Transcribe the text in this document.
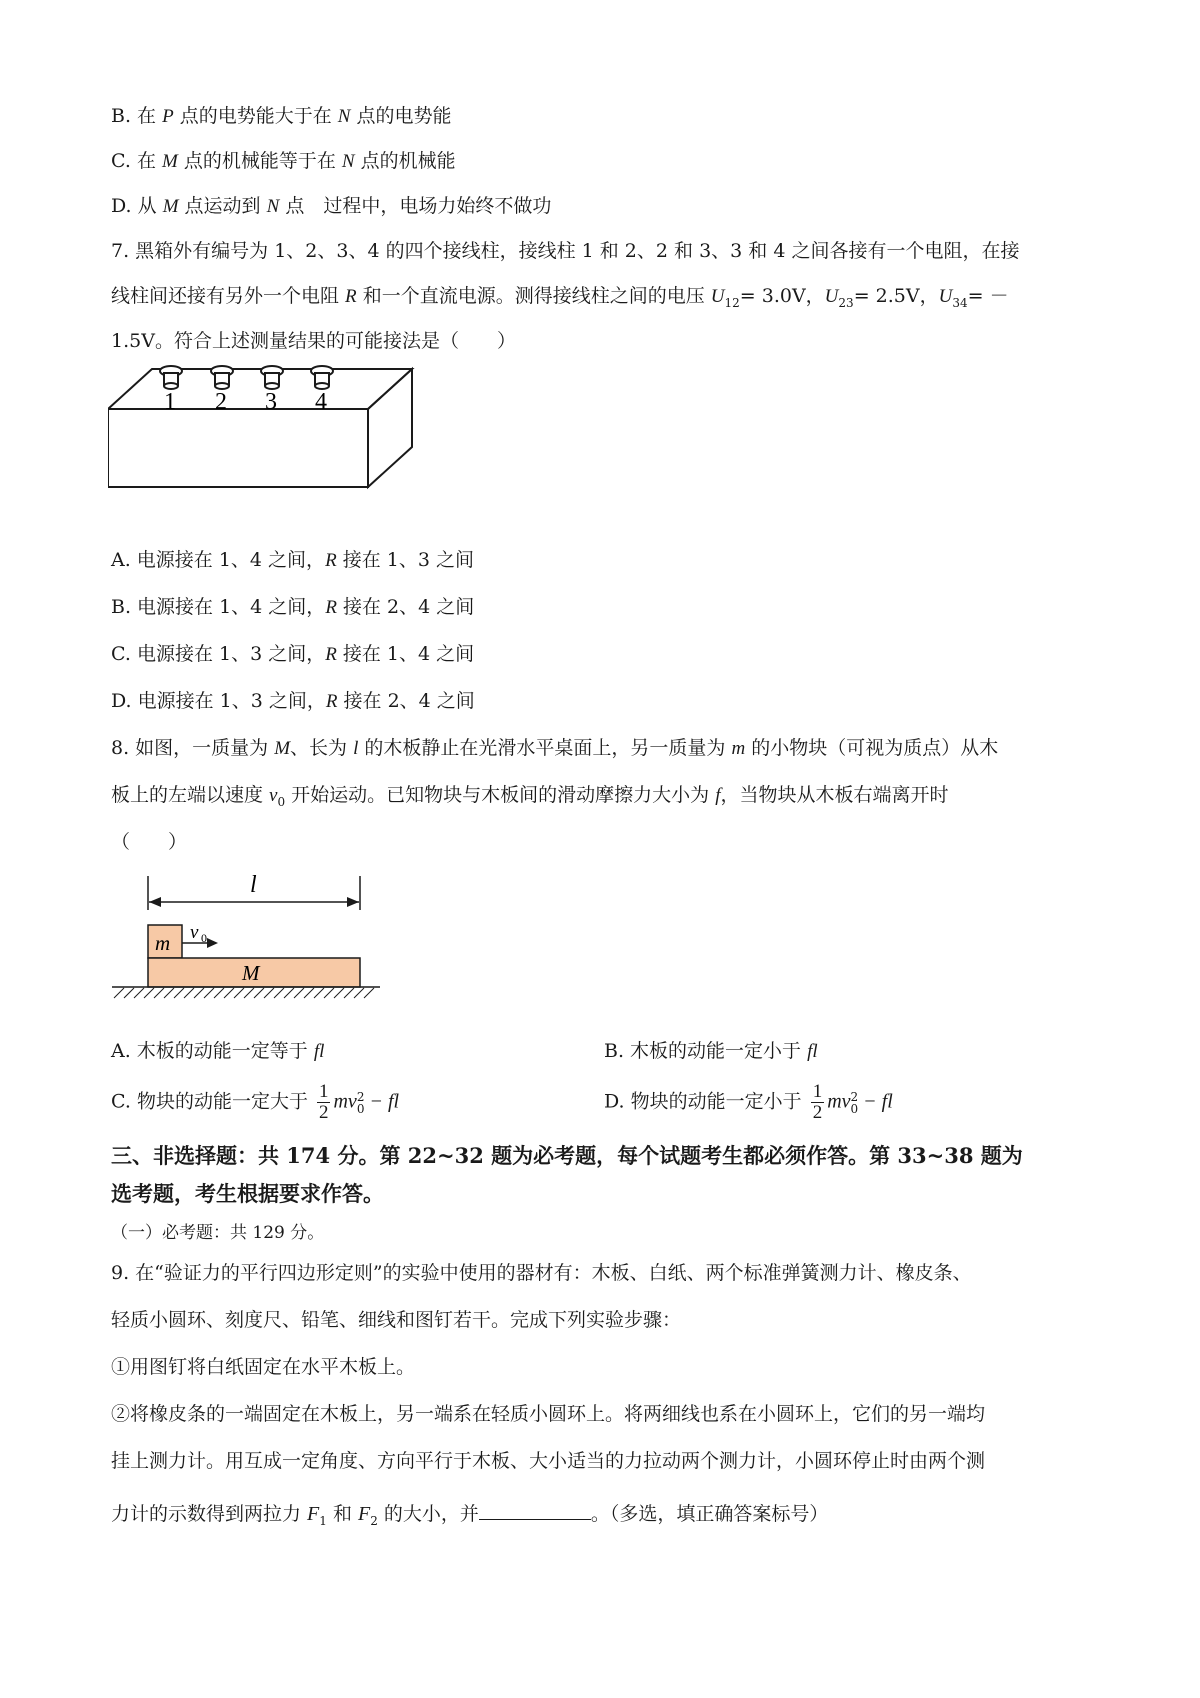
B. 在 P 点的电势能大于在 N 点的电势能
C. 在 M 点的机械能等于在 N 点的机械能
D. 从 M 点运动到 N 点　过程中，电场力始终不做功
7. 黑箱外有编号为 1、2、3、4 的四个接线柱，接线柱 1 和 2、2 和 3、3 和 4 之间各接有一个电阻，在接
线柱间还接有另外一个电阻 R 和一个直流电源。测得接线柱之间的电压 $U_{12}= 3.0V$，$U_{23}= 2.5V$，$U_{34}=$ －
1.5V。符合上述测量结果的可能接法是（　　）
1 2 3 4
A. 电源接在 1、4 之间，R 接在 1、3 之间
B. 电源接在 1、4 之间，R 接在 2、4 之间
C. 电源接在 1、3 之间，R 接在 1、4 之间
D. 电源接在 1、3 之间，R 接在 2、4 之间
8. 如图，一质量为 M、长为 l 的木板静止在光滑水平桌面上，另一质量为 m 的小物块（可视为质点）从木
板上的左端以速度 $v_0$ 开始运动。已知物块与木板间的滑动摩擦力大小为 f，当物块从木板右端离开时
（　　）
l
m v 0
M
A. 木板的动能一定等于 fl	B. 木板的动能一定小于 fl
C. 物块的动能一定大于 $\frac{1}{2}$ mv 2
0 − fl	D. 物块的动能一定小于 $\frac{1}{2}$ mv 2
0 − fl
三、非选择题：共 174 分。第 22~32 题为必考题，每个试题考生都必须作答。第 33~38 题为
选考题，考生根据要求作答。
（一）必考题：共 129 分。
9. 在“验证力的平行四边形定则”的实验中使用的器材有：木板、白纸、两个标准弹簧测力计、橡皮条、
轻质小圆环、刻度尺、铅笔、细线和图钉若干。完成下列实验步骤：
①用图钉将白纸固定在水平木板上。
②将橡皮条的一端固定在木板上，另一端系在轻质小圆环上。将两细线也系在小圆环上，它们的另一端均
挂上测力计。用互成一定角度、方向平行于木板、大小适当的力拉动两个测力计，小圆环停止时由两个测
力计的示数得到两拉力 $F_1$ 和 $F_2$ 的大小，并	。（多选，填正确答案标号）
